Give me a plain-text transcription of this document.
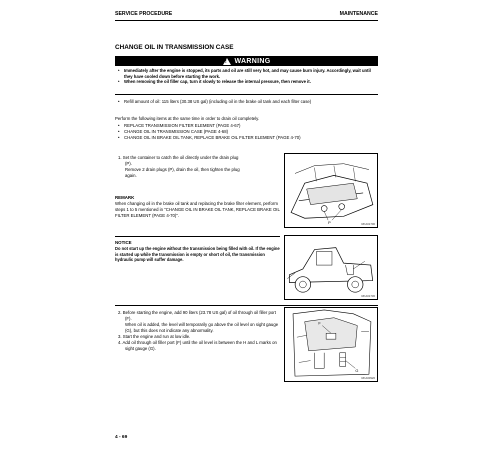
SERVICE PROCEDURE	MAINTENANCE
CHANGE OIL IN TRANSMISSION CASE
!
WARNING
• Immediately after the engine is stopped, its parts and oil are still very hot, and may cause burn injury. Accordingly, wait until they have cooled down before starting the work.
• When removing the oil filler cap, turn it slowly to release the internal pressure, then remove it.
• Refill amount of oil: 115 liters (30.38 US gal) (including oil in the brake oil tank and each filter case)
Perform the following items at the same time in order to drain oil completely.
• REPLACE TRANSMISSION FILTER ELEMENT (PAGE 4-67)
• CHANGE OIL IN TRANSMISSION CASE (PAGE 4-68)
• CHANGE OIL IN BRAKE OIL TANK, REPLACE BRAKE OIL FILTER ELEMENT (PAGE 4-70)
1. Set the container to catch the oil directly under the drain plug
(P).
Remove 2 drain plugs (P), drain the oil, then tighten the plug
again.
P	RKA01700
REMARK
When changing oil in the brake oil tank and replacing the brake filter element, perform steps 1 to 5 mentioned in "CHANGE OIL IN BRAKE OIL TANK, REPLACE BRAKE OIL FILTER ELEMENT (PAGE 4-70)".
NOTICE
Do not start up the engine without the transmission being filled with oil. If the engine is started up while the transmission is empty or short of oil, the transmission hydraulic pump will suffer damage.
RKA01730
2. Before starting the engine, add 90 liters (23.78 US gal) of oil through oil filler port (F).
When oil is added, the level will temporarily go above the oil level on sight gauge (G), but this does not indicate any abnormality.
3. Start the engine and run at low idle.
4. Add oil through oil filler port (F) until the oil level is between the H and L marks on sight gauge (G).
F
G
RKA00920
4 - 69
